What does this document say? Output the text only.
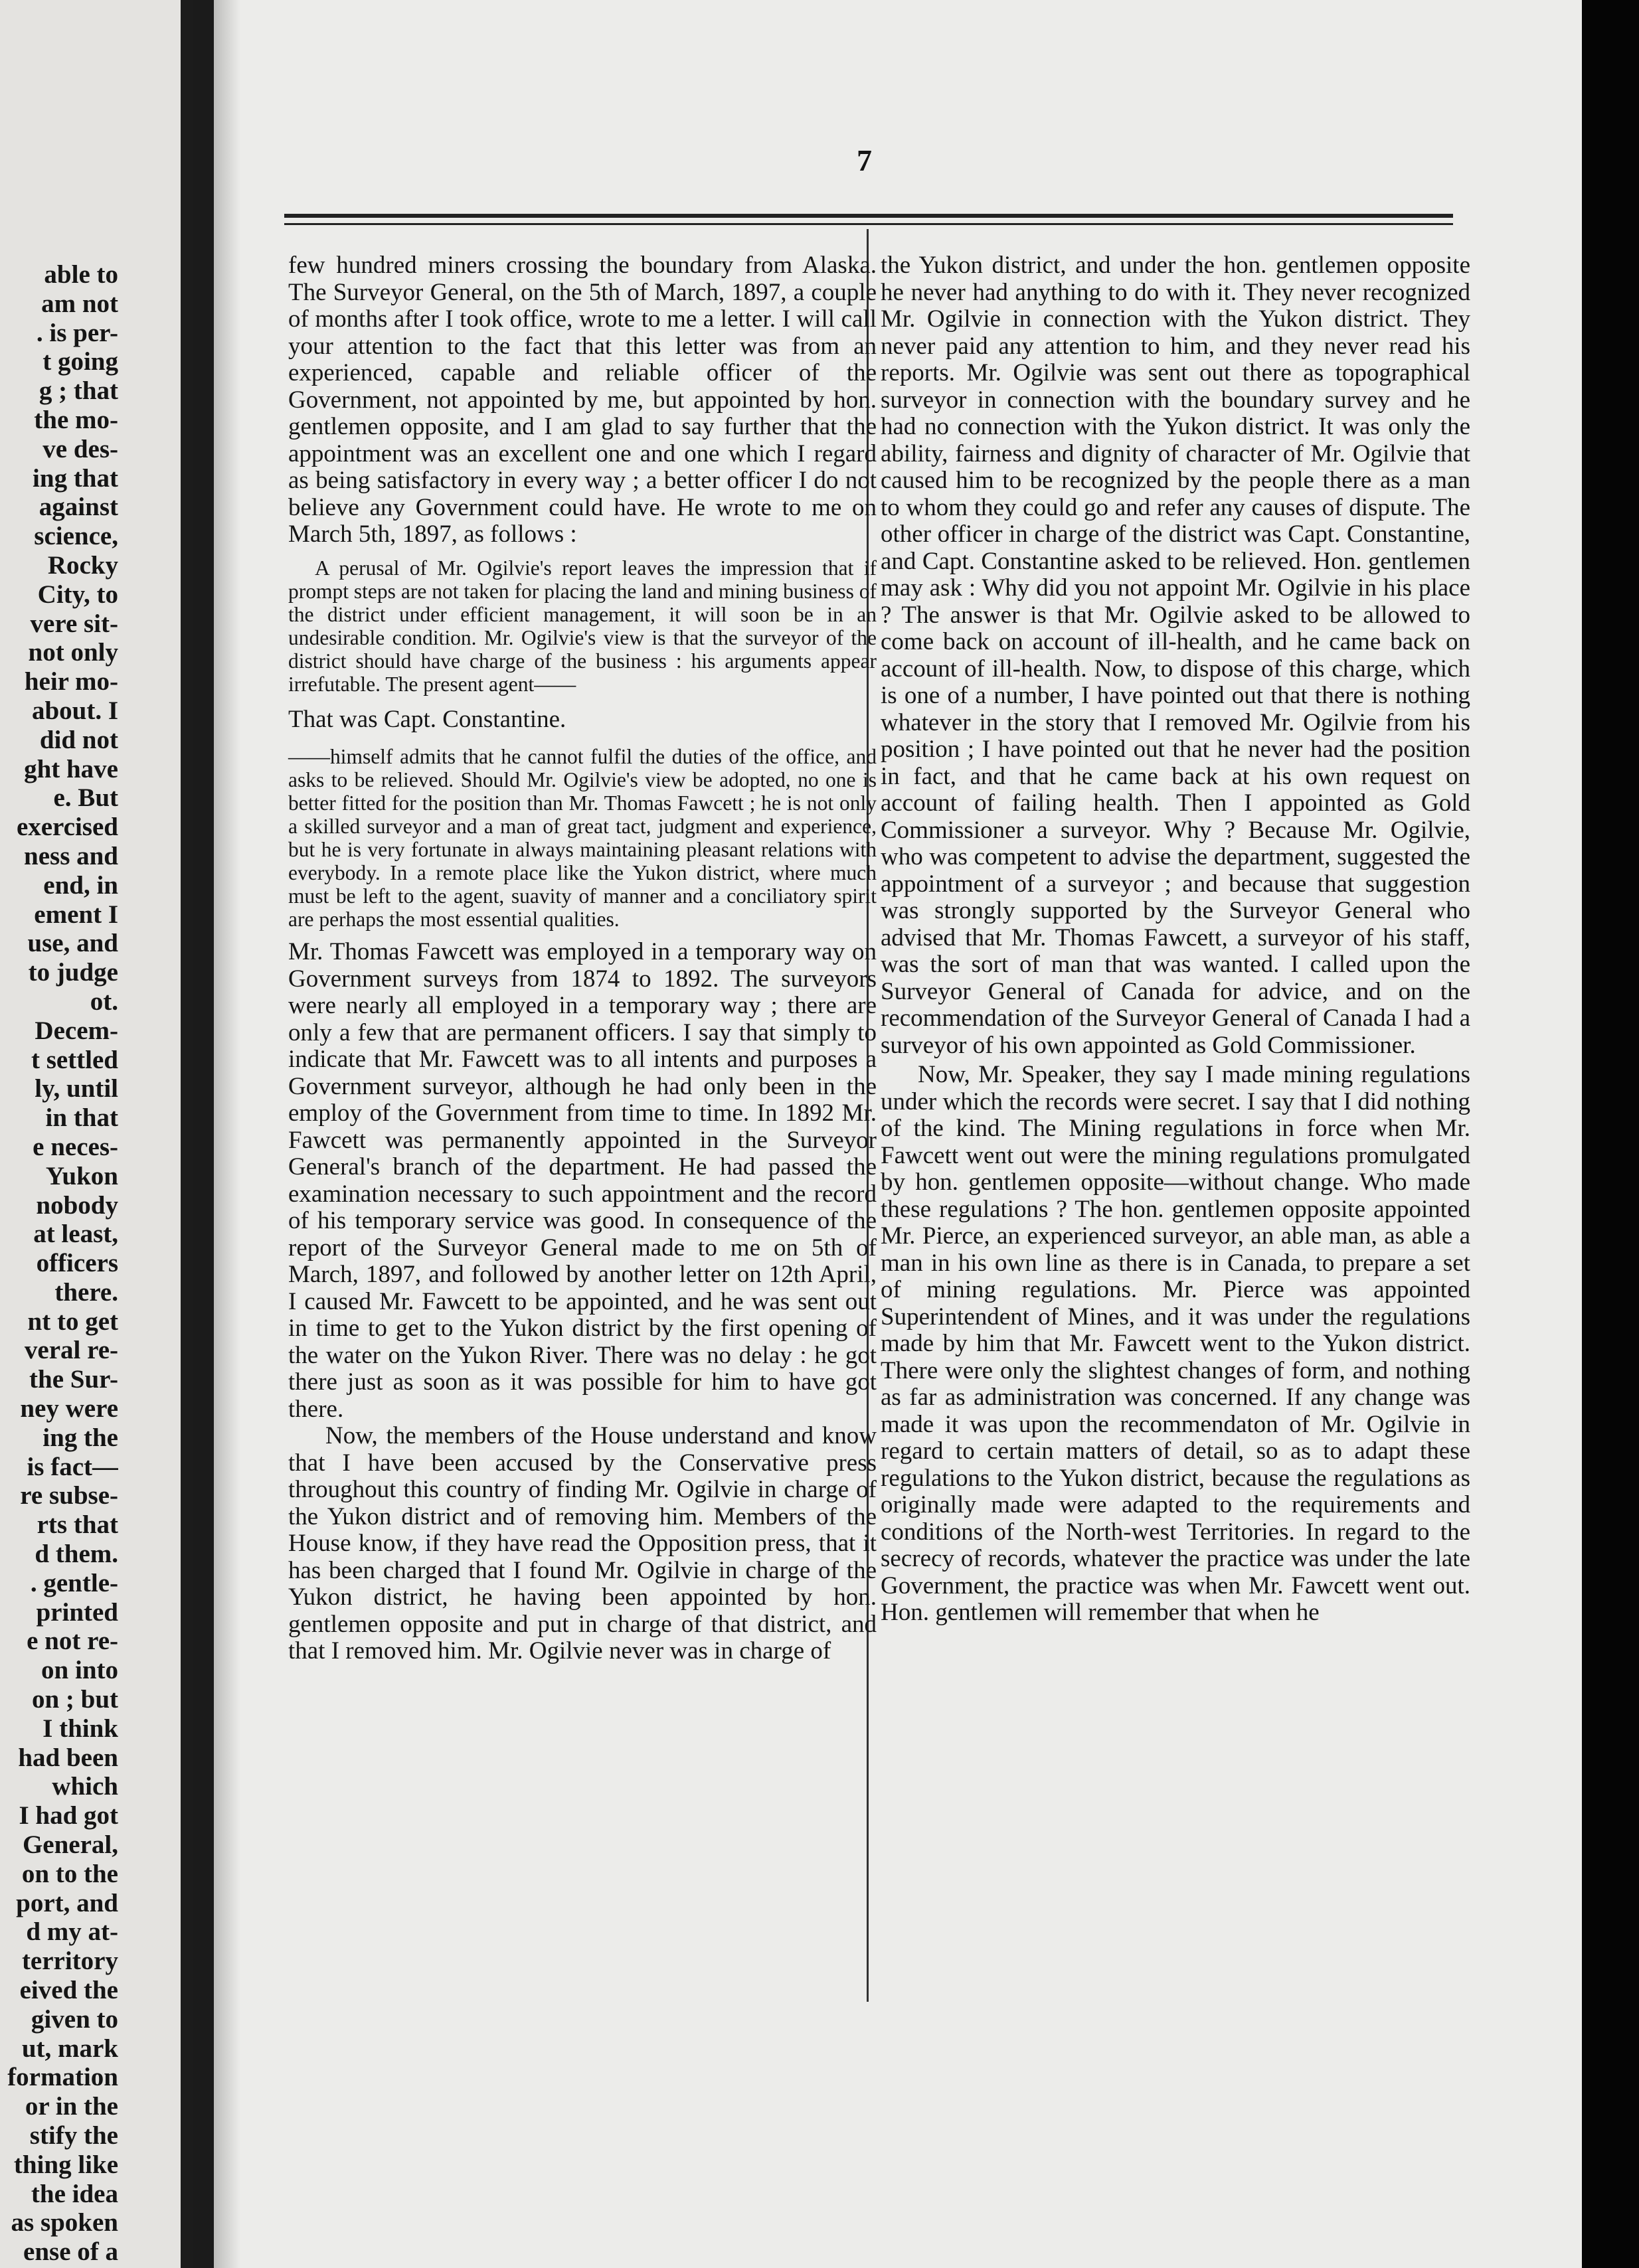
able to
am not
. is per-
t going
g ; that
the mo-
ve des-
ing that
against
science,
Rocky
City, to
vere sit-
not only
heir mo-
about. I
did not
ght have
e. But
exercised
ness and
end, in
ement I
use, and
to judge
ot.
Decem-
t settled
ly, until
in that
e neces-
Yukon
nobody
at least,
officers
there.
nt to get
veral re-
the Sur-
ney were
ing the
is fact—
re subse-
rts that
d them.
. gentle-
printed
e not re-
on into
on ; but
I think
had been
which
I had got
General,
on to the
port, and
d my at-
territory
eived the
given to
ut, mark
formation
or in the
stify the
thing like
the idea
as spoken
ense of a
7

few hundred miners crossing the boundary from Alaska. The Surveyor General, on the 5th of March, 1897, a couple of months after I took office, wrote to me a letter. I will call your attention to the fact that this letter was from an experienced, capable and reliable officer of the Government, not appointed by me, but appointed by hon. gentlemen opposite, and I am glad to say further that the appointment was an excellent one and one which I regard as being satisfactory in every way ; a better officer I do not believe any Government could have. He wrote to me on March 5th, 1897, as follows :

A perusal of Mr. Ogilvie's report leaves the impression that if prompt steps are not taken for placing the land and mining business of the district under efficient management, it will soon be in an undesirable condition. Mr. Ogilvie's view is that the surveyor of the district should have charge of the business : his arguments appear irrefutable. The present agent——

That was Capt. Constantine.

——himself admits that he cannot fulfil the duties of the office, and asks to be relieved. Should Mr. Ogilvie's view be adopted, no one is better fitted for the position than Mr. Thomas Fawcett ; he is not only a skilled surveyor and a man of great tact, judgment and experience, but he is very fortunate in always maintaining pleasant relations with everybody. In a remote place like the Yukon district, where much must be left to the agent, suavity of manner and a conciliatory spirit are perhaps the most essential qualities.

Mr. Thomas Fawcett was employed in a temporary way on Government surveys from 1874 to 1892. The surveyors were nearly all employed in a temporary way ; there are only a few that are permanent officers. I say that simply to indicate that Mr. Fawcett was to all intents and purposes a Government surveyor, although he had only been in the employ of the Government from time to time. In 1892 Mr. Fawcett was permanently appointed in the Surveyor General's branch of the department. He had passed the examination necessary to such appointment and the record of his temporary service was good. In consequence of the report of the Surveyor General made to me on 5th of March, 1897, and followed by another letter on 12th April, I caused Mr. Fawcett to be appointed, and he was sent out in time to get to the Yukon district by the first opening of the water on the Yukon River. There was no delay : he got there just as soon as it was possible for him to have got there.

Now, the members of the House understand and know that I have been accused by the Conservative press throughout this country of finding Mr. Ogilvie in charge of the Yukon district and of removing him. Members of the House know, if they have read the Opposition press, that it has been charged that I found Mr. Ogilvie in charge of the Yukon district, he having been appointed by hon. gentlemen opposite and put in charge of that district, and that I removed him. Mr. Ogilvie never was in charge of

the Yukon district, and under the hon. gentlemen opposite he never had anything to do with it. They never recognized Mr. Ogilvie in connection with the Yukon district. They never paid any attention to him, and they never read his reports. Mr. Ogilvie was sent out there as topographical surveyor in connection with the boundary survey and he had no connection with the Yukon district. It was only the ability, fairness and dignity of character of Mr. Ogilvie that caused him to be recognized by the people there as a man to whom they could go and refer any causes of dispute. The other officer in charge of the district was Capt. Constantine, and Capt. Constantine asked to be relieved. Hon. gentlemen may ask : Why did you not appoint Mr. Ogilvie in his place ? The answer is that Mr. Ogilvie asked to be allowed to come back on account of ill-health, and he came back on account of ill-health. Now, to dispose of this charge, which is one of a number, I have pointed out that there is nothing whatever in the story that I removed Mr. Ogilvie from his position ; I have pointed out that he never had the position in fact, and that he came back at his own request on account of failing health. Then I appointed as Gold Commissioner a surveyor. Why ? Because Mr. Ogilvie, who was competent to advise the department, suggested the appointment of a surveyor ; and because that suggestion was strongly supported by the Surveyor General who advised that Mr. Thomas Fawcett, a surveyor of his staff, was the sort of man that was wanted. I called upon the Surveyor General of Canada for advice, and on the recommendation of the Surveyor General of Canada I had a surveyor of his own appointed as Gold Commissioner.

Now, Mr. Speaker, they say I made mining regulations under which the records were secret. I say that I did nothing of the kind. The Mining regulations in force when Mr. Fawcett went out were the mining regulations promulgated by hon. gentlemen opposite—without change. Who made these regulations ? The hon. gentlemen opposite appointed Mr. Pierce, an experienced surveyor, an able man, as able a man in his own line as there is in Canada, to prepare a set of mining regulations. Mr. Pierce was appointed Superintendent of Mines, and it was under the regulations made by him that Mr. Fawcett went to the Yukon district. There were only the slightest changes of form, and nothing as far as administration was concerned. If any change was made it was upon the recommendaton of Mr. Ogilvie in regard to certain matters of detail, so as to adapt these regulations to the Yukon district, because the regulations as originally made were adapted to the requirements and conditions of the North-west Territories. In regard to the secrecy of records, whatever the practice was under the late Government, the practice was when Mr. Fawcett went out. Hon. gentlemen will remember that when he
